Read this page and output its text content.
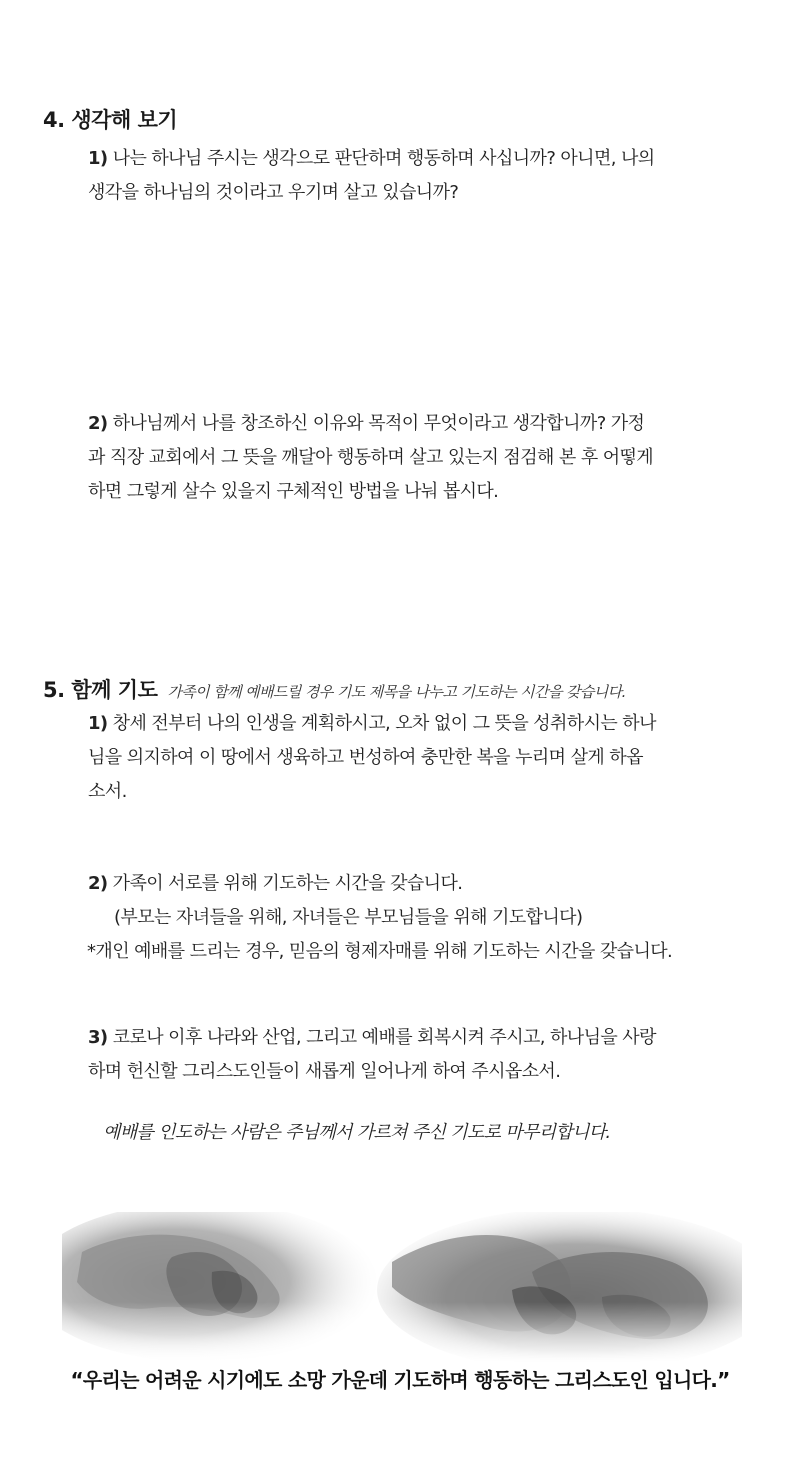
4. 생각해 보기
1) 나는 하나님 주시는 생각으로 판단하며 행동하며 사십니까? 아니면, 나의
생각을 하나님의 것이라고 우기며 살고 있습니까?
2) 하나님께서 나를 창조하신 이유와 목적이 무엇이라고 생각합니까? 가정
과 직장 교회에서 그 뜻을 깨달아 행동하며 살고 있는지 점검해 본 후 어떻게
하면 그렇게 살수 있을지 구체적인 방법을 나눠 봅시다.
5. 함께 기도 가족이 함께 예배드릴 경우 기도 제목을 나누고 기도하는 시간을 갖습니다.
1) 창세 전부터 나의 인생을 계획하시고, 오차 없이 그 뜻을 성취하시는 하나
님을 의지하여 이 땅에서 생육하고 번성하여 충만한 복을 누리며 살게 하옵
소서.
2) 가족이 서로를 위해 기도하는 시간을 갖습니다.
(부모는 자녀들을 위해, 자녀들은 부모님들을 위해 기도합니다)
*개인 예배를 드리는 경우, 믿음의 형제자매를 위해 기도하는 시간을 갖습니다.
3) 코로나 이후 나라와 산업, 그리고 예배를 회복시켜 주시고, 하나님을 사랑
하며 헌신할 그리스도인들이 새롭게 일어나게 하여 주시옵소서.
예배를 인도하는 사람은 주님께서 가르쳐 주신 기도로 마무리합니다.
“우리는 어려운 시기에도 소망 가운데 기도하며 행동하는 그리스도인 입니다.”
